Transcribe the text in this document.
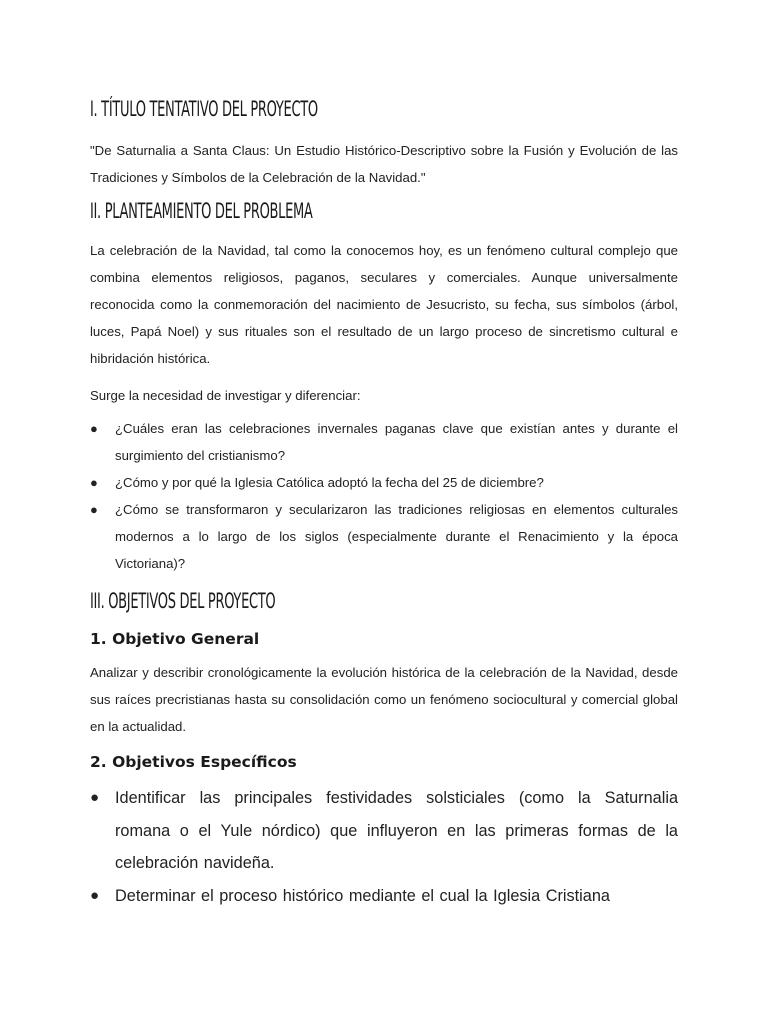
I. TÍTULO TENTATIVO DEL PROYECTO

"De Saturnalia a Santa Claus: Un Estudio Histórico-Descriptivo sobre la Fusión y Evolución de las Tradiciones y Símbolos de la Celebración de la Navidad."

II. PLANTEAMIENTO DEL PROBLEMA

La celebración de la Navidad, tal como la conocemos hoy, es un fenómeno cultural complejo que combina elementos religiosos, paganos, seculares y comerciales. Aunque universalmente reconocida como la conmemoración del nacimiento de Jesucristo, su fecha, sus símbolos (árbol, luces, Papá Noel) y sus rituales son el resultado de un largo proceso de sincretismo cultural e hibridación histórica.

Surge la necesidad de investigar y diferenciar:

● ¿Cuáles eran las celebraciones invernales paganas clave que existían antes y durante el surgimiento del cristianismo?
● ¿Cómo y por qué la Iglesia Católica adoptó la fecha del 25 de diciembre?
● ¿Cómo se transformaron y secularizaron las tradiciones religiosas en elementos culturales modernos a lo largo de los siglos (especialmente durante el Renacimiento y la época Victoriana)?
III. OBJETIVOS DEL PROYECTO
1. Objetivo General

Analizar y describir cronológicamente la evolución histórica de la celebración de la Navidad, desde sus raíces precristianas hasta su consolidación como un fenómeno sociocultural y comercial global en la actualidad.

2. Objetivos Específicos
● Identificar las principales festividades solsticiales (como la Saturnalia romana o el Yule nórdico) que influyeron en las primeras formas de la celebración navideña.
● Determinar el proceso histórico mediante el cual la Iglesia Cristiana
